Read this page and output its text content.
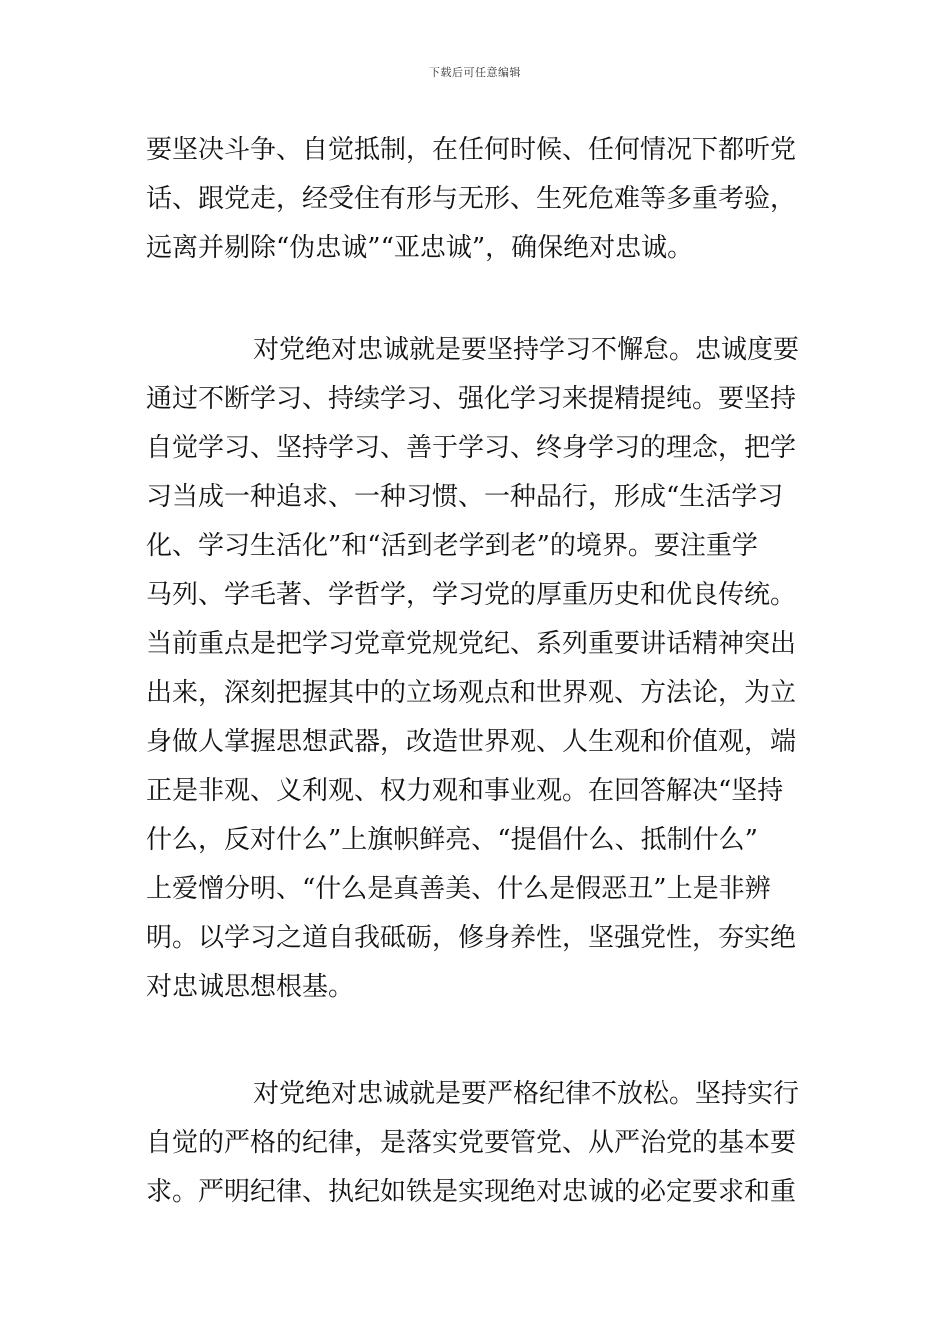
下载后可任意编辑

要坚决斗争、自觉抵制，在任何时候、任何情况下都听党
话、跟党走，经受住有形与无形、生死危难等多重考验，
远离并剔除“伪忠诚”“亚忠诚”，确保绝对忠诚。

对党绝对忠诚就是要坚持学习不懈怠。忠诚度要
通过不断学习、持续学习、强化学习来提精提纯。要坚持
自觉学习、坚持学习、善于学习、终身学习的理念，把学
习当成一种追求、一种习惯、一种品行，形成“生活学习
化、学习生活化”和“活到老学到老”的境界。要注重学
马列、学毛著、学哲学，学习党的厚重历史和优良传统。
当前重点是把学习党章党规党纪、系列重要讲话精神突出
出来，深刻把握其中的立场观点和世界观、方法论，为立
身做人掌握思想武器，改造世界观、人生观和价值观，端
正是非观、义利观、权力观和事业观。在回答解决“坚持
什么，反对什么”上旗帜鲜亮、“提倡什么、抵制什么”
上爱憎分明、“什么是真善美、什么是假恶丑”上是非辨
明。以学习之道自我砥砺，修身养性，坚强党性，夯实绝
对忠诚思想根基。

对党绝对忠诚就是要严格纪律不放松。坚持实行
自觉的严格的纪律，是落实党要管党、从严治党的基本要
求。严明纪律、执纪如铁是实现绝对忠诚的必定要求和重
